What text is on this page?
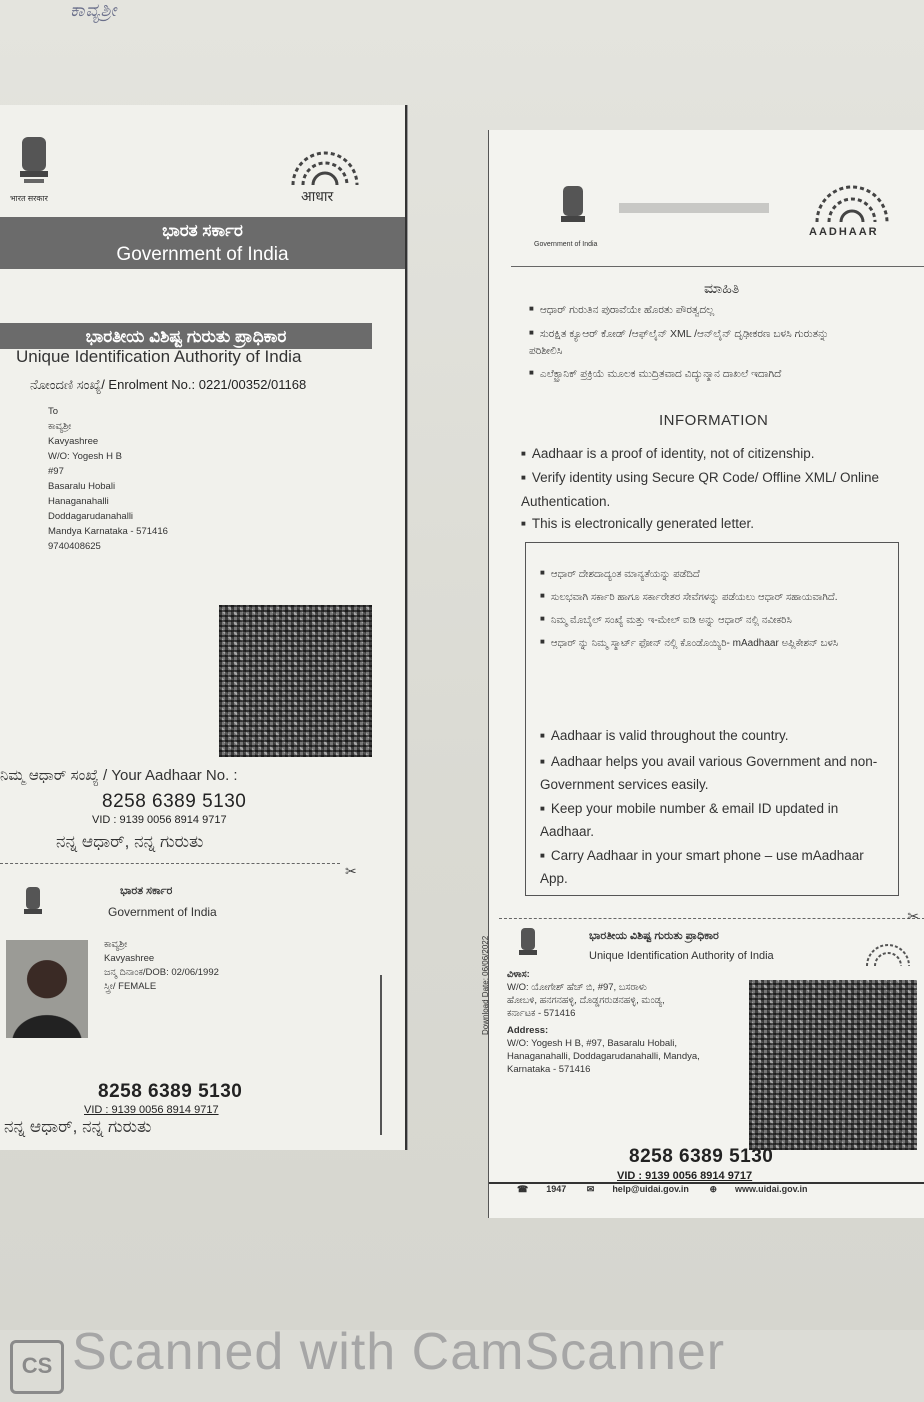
ಕಾವ್ಯಶ್ರೀ
भारत सरकार	आधार
ಭಾರತ ಸರ್ಕಾರ
Government of India
ಭಾರತೀಯ ವಿಶಿಷ್ಟ ಗುರುತು ಪ್ರಾಧಿಕಾರ
Unique Identification Authority of India
ನೋಂದಣಿ ಸಂಖ್ಯೆ/ Enrolment No.: 0221/00352/01168
To
ಕಾವ್ಯಶ್ರೀ
Kavyashree
W/O: Yogesh H B
#97
Basaralu Hobali
Hanaganahalli
Doddagarudanahalli
Mandya Karnataka - 571416
9740408625
ನಿಮ್ಮ ಆಧಾರ್ ಸಂಖ್ಯೆ / Your Aadhaar No. :
8258 6389 5130
VID : 9139 0056 8914 9717
ನನ್ನ ಆಧಾರ್, ನನ್ನ ಗುರುತು
✂
ಭಾರತ ಸರ್ಕಾರ
Government of India
ಕಾವ್ಯಶ್ರೀ
Kavyashree
ಜನ್ಮ ದಿನಾಂಕ/DOB: 02/06/1992
ಸ್ತ್ರೀ/ FEMALE
8258 6389 5130
VID : 9139 0056 8914 9717
ನನ್ನ ಆಧಾರ್, ನನ್ನ ಗುರುತು
Government of India
AADHAAR
ಮಾಹಿತಿ
■ ಆಧಾರ್ ಗುರುತಿನ ಪುರಾವೆಯೇ ಹೊರತು ಪೌರತ್ವದಲ್ಲ
■ ಸುರಕ್ಷಿತ ಕ್ಯೂಆರ್ ಕೋಡ್ /ಆಫ್‌ಲೈನ್ XML /ಆನ್‌ಲೈನ್ ದೃಢೀಕರಣ ಬಳಸಿ ಗುರುತನ್ನು ಪರಿಶೀಲಿಸಿ
■ ಎಲೆಕ್ಟ್ರಾನಿಕ್ ಪ್ರಕ್ರಿಯೆ ಮೂಲಕ ಮುದ್ರಿತವಾದ ವಿದ್ಯುನ್ಮಾನ ದಾಖಲೆ ಇದಾಗಿದೆ
INFORMATION
■ Aadhaar is a proof of identity, not of citizenship.
■ Verify identity using Secure QR Code/ Offline XML/ Online Authentication.
■ This is electronically generated letter.
■ ಆಧಾರ್ ದೇಶದಾದ್ಯಂತ ಮಾನ್ಯತೆಯನ್ನು ಪಡೆದಿದೆ
■ ಸುಲಭವಾಗಿ ಸರ್ಕಾರಿ ಹಾಗೂ ಸರ್ಕಾರೇತರ ಸೇವೆಗಳನ್ನು ಪಡೆಯಲು ಆಧಾರ್ ಸಹಾಯವಾಗಿದೆ.
■ ನಿಮ್ಮ ಮೊಬೈಲ್ ಸಂಖ್ಯೆ ಮತ್ತು ಇ-ಮೇಲ್ ಐಡಿ ಅನ್ನು ಆಧಾರ್ ನಲ್ಲಿ ನವೀಕರಿಸಿ
■ ಆಧಾರ್ ನ್ನು ನಿಮ್ಮ ಸ್ಮಾರ್ಟ್ ಫೋನ್ ನಲ್ಲಿ ಕೊಂಡೊಯ್ಯಿರಿ- mAadhaar ಅಪ್ಲಿಕೇಶನ್ ಬಳಸಿ
■ Aadhaar is valid throughout the country.
■ Aadhaar helps you avail various Government and non-Government services easily.
■ Keep your mobile number & email ID updated in Aadhaar.
■ Carry Aadhaar in your smart phone – use mAadhaar App.
✂
ಭಾರತೀಯ ವಿಶಿಷ್ಟ ಗುರುತು ಪ್ರಾಧಿಕಾರ
Unique Identification Authority of India
ವಿಳಾಸ:
W/O: ಯೋಗೇಶ್ ಹೆಚ್ ಬಿ, #97, ಬಸರಾಳು
ಹೋಬಳಿ, ಹನಗನಹಳ್ಳಿ, ದೊಡ್ಡಗರುಡನಹಳ್ಳಿ, ಮಂಡ್ಯ,
ಕರ್ನಾಟಕ - 571416
Address:
W/O: Yogesh H B, #97, Basaralu Hobali,
Hanaganahalli, Doddagarudanahalli, Mandya,
Karnataka - 571416
Download Date: 06/06/2022
8258 6389 5130
VID : 9139 0056 8914 9717
☎ 1947 ✉ help@uidai.gov.in ⊕ www.uidai.gov.in
CS Scanned with CamScanner
